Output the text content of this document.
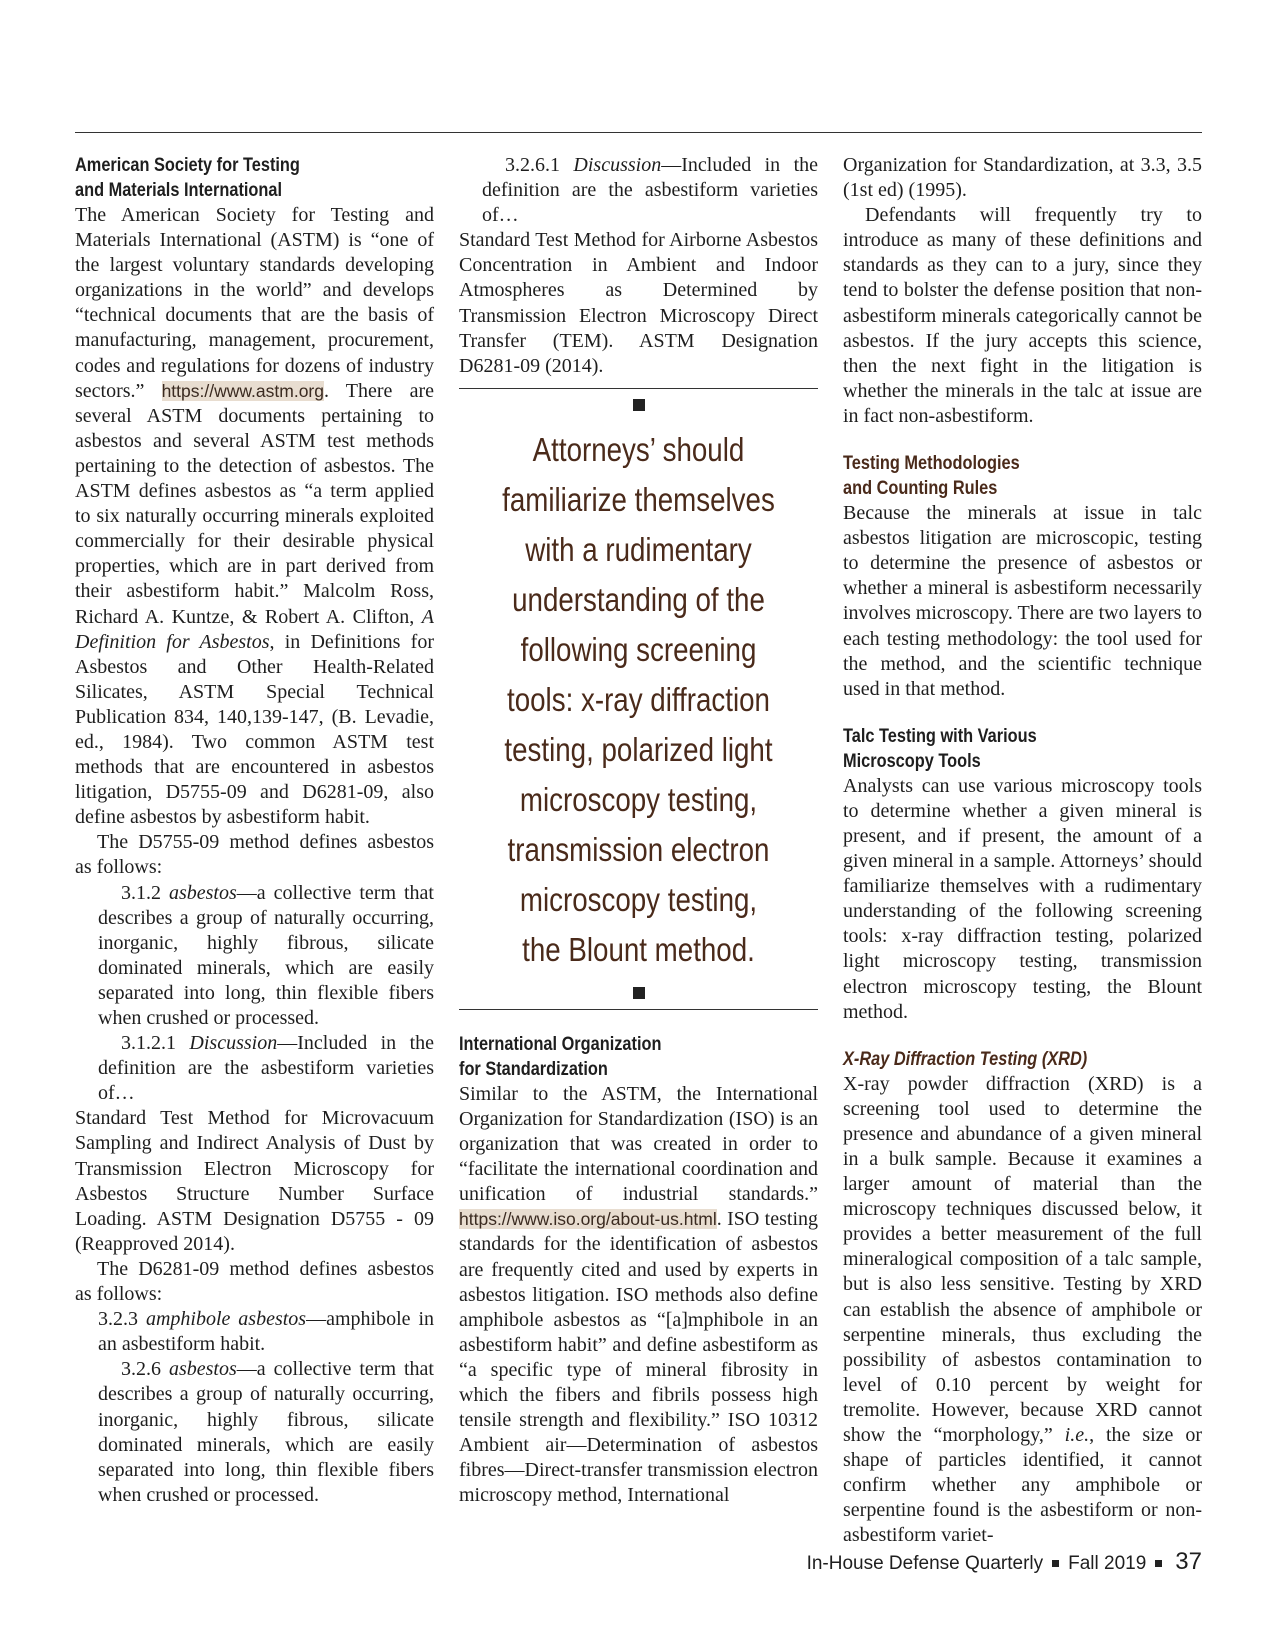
American Society for Testing
and Materials International

The American Society for Testing and Materials International (ASTM) is “one of the largest voluntary standards developing organizations in the world” and develops “technical documents that are the basis of manufacturing, management, procurement, codes and regulations for dozens of industry sectors.” https://www.astm.org. There are several ASTM documents pertaining to asbestos and several ASTM test methods pertaining to the detection of asbestos. The ASTM defines asbestos as “a term applied to six naturally occurring minerals exploited commercially for their desirable physical properties, which are in part derived from their asbestiform habit.” Malcolm Ross, Richard A. Kuntze, & Robert A. Clifton, A Definition for Asbestos, in Definitions for Asbestos and Other Health-Related Silicates, ASTM Special Technical Publication 834, 140,139-147, (B. Levadie, ed., 1984). Two common ASTM test methods that are encountered in asbestos litigation, D5755-09 and D6281-09, also define asbestos by asbestiform habit.

The D5755-09 method defines asbestos as follows:

3.1.2 asbestos—a collective term that describes a group of naturally occurring, inorganic, highly fibrous, silicate dominated minerals, which are easily separated into long, thin flexible fibers when crushed or processed.

3.1.2.1 Discussion—Included in the definition are the asbestiform varieties of…

Standard Test Method for Microvacuum Sampling and Indirect Analysis of Dust by Transmission Electron Microscopy for Asbestos Structure Number Surface Loading. ASTM Designation D5755 - 09 (Reapproved 2014).

The D6281-09 method defines asbestos as follows:

3.2.3 amphibole asbestos—amphibole in an asbestiform habit.

3.2.6 asbestos—a collective term that describes a group of naturally occurring, inorganic, highly fibrous, silicate dominated minerals, which are easily separated into long, thin flexible fibers when crushed or processed.

3.2.6.1 Discussion—Included in the definition are the asbestiform varieties of…

Standard Test Method for Airborne Asbestos Concentration in Ambient and Indoor Atmospheres as Determined by Transmission Electron Microscopy Direct Transfer (TEM). ASTM Designation D6281-09 (2014).

Attorneys’ should
familiarize themselves
with a rudimentary
understanding of the
following screening
tools: x-ray diffraction
testing, polarized light
microscopy testing,
transmission electron
microscopy testing,
the Blount method.
International Organization
for Standardization

Similar to the ASTM, the International Organization for Standardization (ISO) is an organization that was created in order to “facilitate the international coordination and unification of industrial standards.” https://www.iso.org/about-us.html. ISO testing standards for the identification of asbestos are frequently cited and used by experts in asbestos litigation. ISO methods also define amphibole asbestos as “[a]mphibole in an asbestiform habit” and define asbestiform as “a specific type of mineral fibrosity in which the fibers and fibrils possess high tensile strength and flexibility.” ISO 10312 Ambient air—Determination of asbestos fibres—Direct-transfer transmission electron microscopy method, International

Organization for Standardization, at 3.3, 3.5 (1st ed) (1995).

Defendants will frequently try to introduce as many of these definitions and standards as they can to a jury, since they tend to bolster the defense position that non-asbestiform minerals categorically cannot be asbestos. If the jury accepts this science, then the next fight in the litigation is whether the minerals in the talc at issue are in fact non-asbestiform.

Testing Methodologies
and Counting Rules

Because the minerals at issue in talc asbestos litigation are microscopic, testing to determine the presence of asbestos or whether a mineral is asbestiform necessarily involves microscopy. There are two layers to each testing methodology: the tool used for the method, and the scientific technique used in that method.

Talc Testing with Various
Microscopy Tools

Analysts can use various microscopy tools to determine whether a given mineral is present, and if present, the amount of a given mineral in a sample. Attorneys’ should familiarize themselves with a rudimentary understanding of the following screening tools: x-ray diffraction testing, polarized light microscopy testing, transmission electron microscopy testing, the Blount method.

X-Ray Diffraction Testing (XRD)

X-ray powder diffraction (XRD) is a screening tool used to determine the presence and abundance of a given mineral in a bulk sample. Because it examines a larger amount of material than the microscopy techniques discussed below, it provides a better measurement of the full mineralogical composition of a talc sample, but is also less sensitive. Testing by XRD can establish the absence of amphibole or serpentine minerals, thus excluding the possibility of asbestos contamination to level of 0.10 percent by weight for tremolite. However, because XRD cannot show the “morphology,” i.e., the size or shape of particles identified, it cannot confirm whether any amphibole or serpentine found is the asbestiform or non-asbestiform variet-

In-House Defense Quarterly Fall 2019 37
